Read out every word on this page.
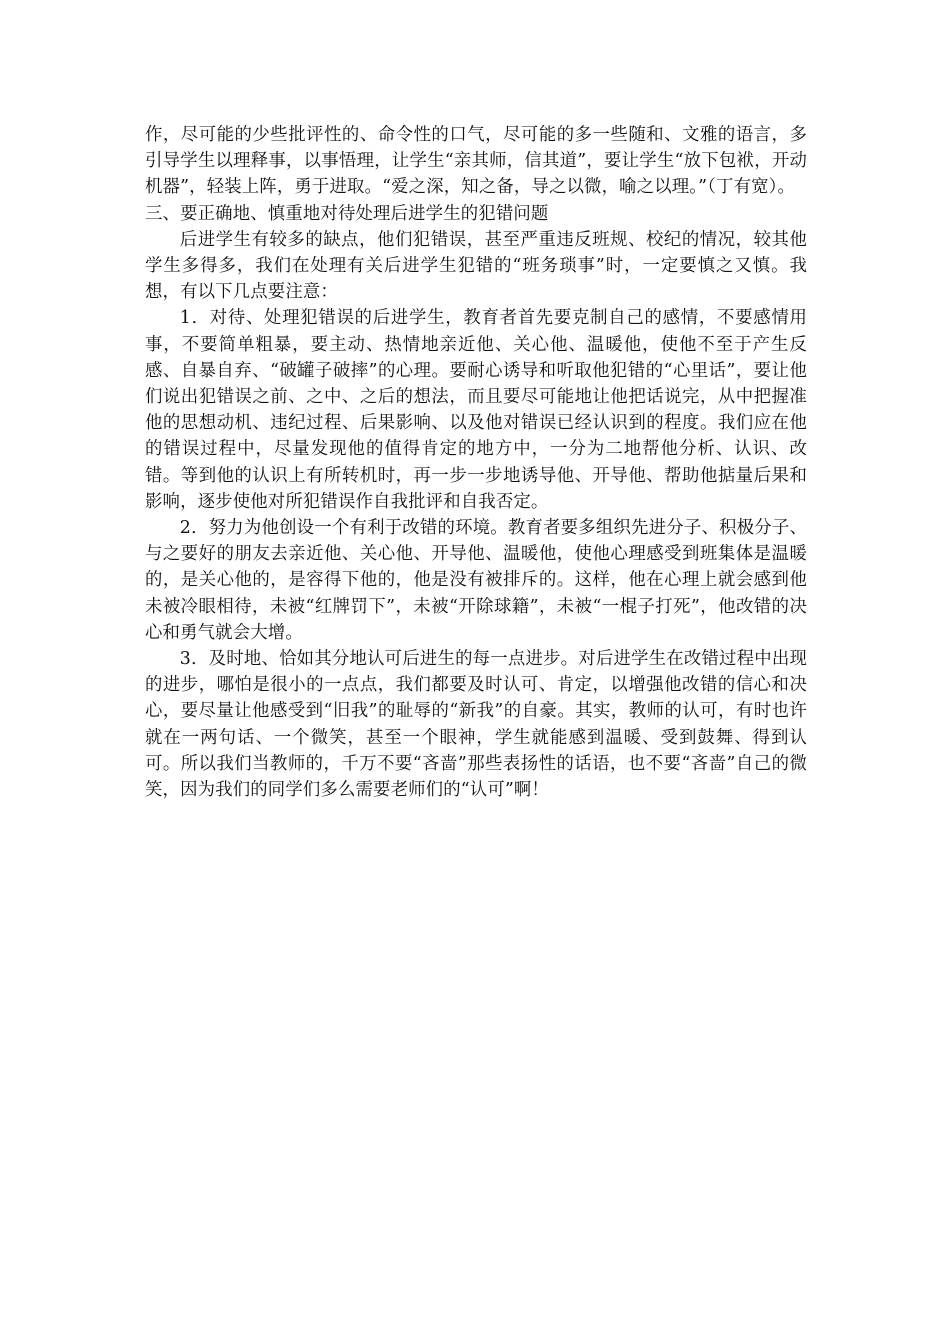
作，尽可能的少些批评性的、命令性的口气，尽可能的多一些随和、文雅的语言，多引导学生以理释事，以事悟理，让学生“亲其师，信其道”，要让学生“放下包袱，开动机器”，轻装上阵，勇于进取。“爱之深，知之备，导之以微，喻之以理。”（丁有宽）。

三、要正确地、慎重地对待处理后进学生的犯错问题

后进学生有较多的缺点，他们犯错误，甚至严重违反班规、校纪的情况，较其他学生多得多，我们在处理有关后进学生犯错的“班务琐事”时，一定要慎之又慎。我想，有以下几点要注意：

1．对待、处理犯错误的后进学生，教育者首先要克制自己的感情，不要感情用事，不要简单粗暴，要主动、热情地亲近他、关心他、温暖他，使他不至于产生反感、自暴自弃、“破罐子破摔”的心理。要耐心诱导和听取他犯错的“心里话”，要让他们说出犯错误之前、之中、之后的想法，而且要尽可能地让他把话说完，从中把握准他的思想动机、违纪过程、后果影响、以及他对错误已经认识到的程度。我们应在他的错误过程中，尽量发现他的值得肯定的地方中，一分为二地帮他分析、认识、改错。等到他的认识上有所转机时，再一步一步地诱导他、开导他、帮助他掂量后果和影响，逐步使他对所犯错误作自我批评和自我否定。

2．努力为他创设一个有利于改错的环境。教育者要多组织先进分子、积极分子、与之要好的朋友去亲近他、关心他、开导他、温暖他，使他心理感受到班集体是温暖的，是关心他的，是容得下他的，他是没有被排斥的。这样，他在心理上就会感到他未被冷眼相待，未被“红牌罚下”，未被“开除球籍”，未被“一棍子打死”，他改错的决心和勇气就会大增。

3．及时地、恰如其分地认可后进生的每一点进步。对后进学生在改错过程中出现的进步，哪怕是很小的一点点，我们都要及时认可、肯定，以增强他改错的信心和决心，要尽量让他感受到“旧我”的耻辱的“新我”的自豪。其实，教师的认可，有时也许就在一两句话、一个微笑，甚至一个眼神，学生就能感到温暖、受到鼓舞、得到认可。所以我们当教师的，千万不要“吝啬”那些表扬性的话语，也不要“吝啬”自己的微笑，因为我们的同学们多么需要老师们的“认可”啊！
